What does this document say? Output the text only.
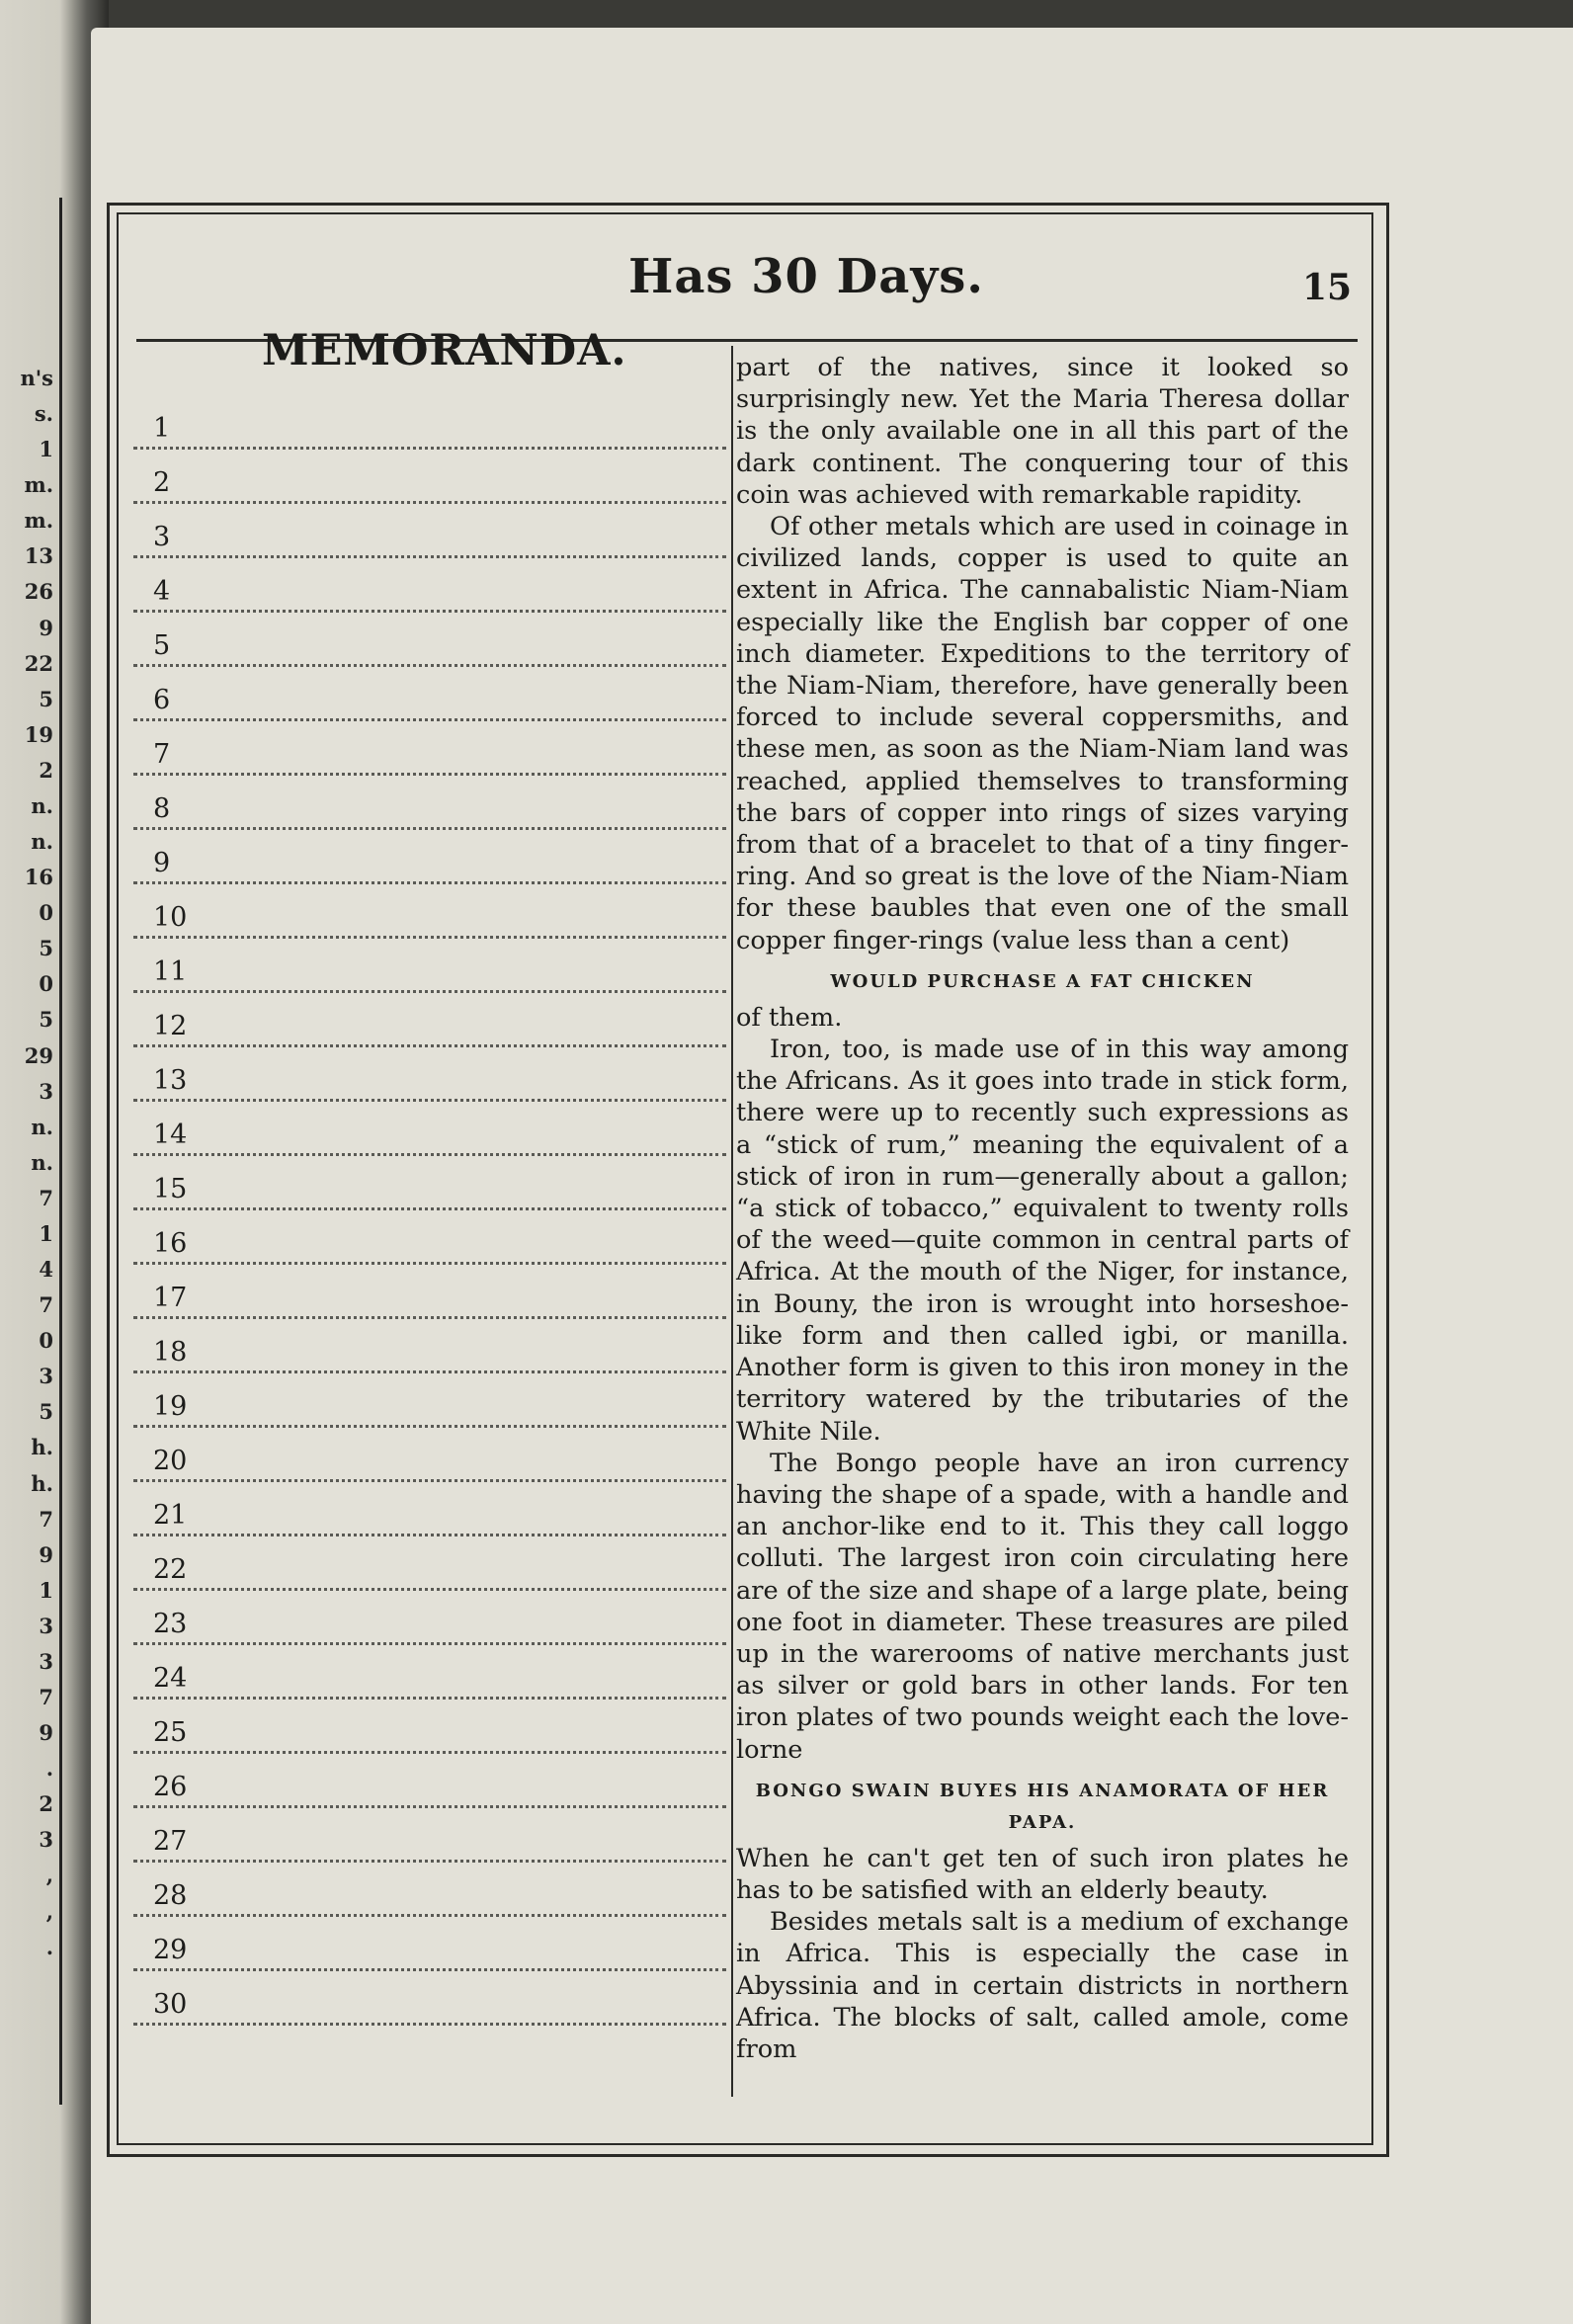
n's
s.
1
m.
m.
13
26
9
22
5
19
2
n.
n.
16
0
5
0
5
29
3
n.
n.
7
1
4
7
0
3
5
h.
h.
7
9
1
3
3
7
9
.
2
3
,
,
.
Has 30 Days.	15
MEMORANDA.
1
2
3
4
5
6
7
8
9
10
11
12
13
14
15
16
17
18
19
20
21
22
23
24
25
26
27
28
29
30

part of the natives, since it looked so surprisingly new. Yet the Maria Theresa dollar is the only available one in all this part of the dark continent. The conquering tour of this coin was achieved with remarkable rapidity.

Of other metals which are used in coinage in civilized lands, copper is used to quite an extent in Africa. The cannabalistic Niam-Niam especially like the English bar copper of one inch diameter. Expeditions to the territory of the Niam-Niam, therefore, have generally been forced to include several coppersmiths, and these men, as soon as the Niam-Niam land was reached, applied themselves to transforming the bars of copper into rings of sizes varying from that of a bracelet to that of a tiny finger-ring. And so great is the love of the Niam-Niam for these baubles that even one of the small copper finger-rings (value less than a cent)

WOULD PURCHASE A FAT CHICKEN

of them.

Iron, too, is made use of in this way among the Africans. As it goes into trade in stick form, there were up to recently such expressions as a “stick of rum,” meaning the equivalent of a stick of iron in rum—generally about a gallon; “a stick of tobacco,” equivalent to twenty rolls of the weed—quite common in central parts of Africa. At the mouth of the Niger, for instance, in Bouny, the iron is wrought into horseshoe-like form and then called igbi, or manilla. Another form is given to this iron money in the territory watered by the tributaries of the White Nile.

The Bongo people have an iron currency having the shape of a spade, with a handle and an anchor-like end to it. This they call loggo colluti. The largest iron coin circulating here are of the size and shape of a large plate, being one foot in diameter. These treasures are piled up in the warerooms of native merchants just as silver or gold bars in other lands. For ten iron plates of two pounds weight each the love-lorne

BONGO SWAIN BUYES HIS ANAMORATA OF HER PAPA.

When he can't get ten of such iron plates he has to be satisfied with an elderly beauty.

Besides metals salt is a medium of exchange in Africa. This is especially the case in Abyssinia and in certain districts in northern Africa. The blocks of salt, called amole, come from
